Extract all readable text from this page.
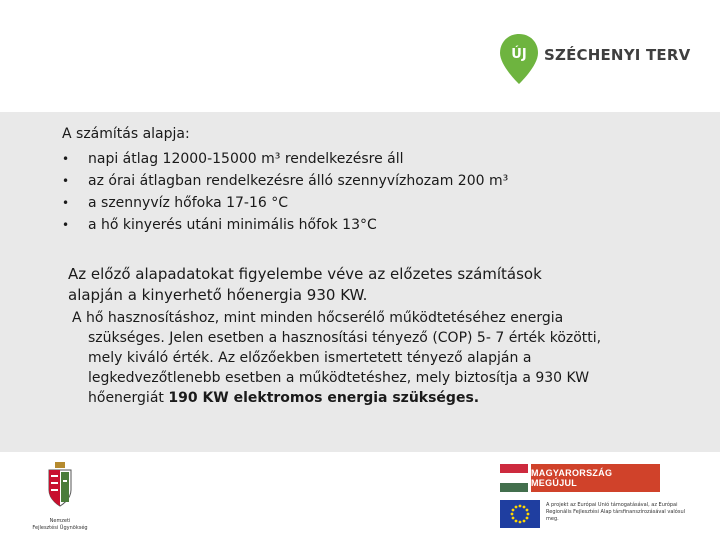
ÚJ SZÉCHENYI TERV

A számítás alapja:

• napi átlag 12000-15000 m³ rendelkezésre áll
• az órai átlagban rendelkezésre álló szennyvízhozam 200 m³
• a szennyvíz hőfoka 17-16 °C
• a hő kinyerés utáni minimális hőfok 13°C

Az előző alapadatokat figyelembe véve az előzetes számítások
alapján a kinyerhető hőenergia 930 KW.

A hő hasznosításhoz, mint minden hőcserélő működtetéséhez energia
szükséges. Jelen esetben a hasznosítási tényező (COP) 5- 7 érték közötti,
mely kiváló érték. Az előzőekben ismertetett tényező alapján a
legkedvezőtlenebb esetben a működtetéshez, mely biztosítja a 930 KW
hőenergiát 190 KW elektromos energia szükséges.

Nemzeti
Fejlesztési Ügynökség
MAGYARORSZÁG MEGÚJUL
A projekt az Európai Unió támogatásával, az Európai Regionális Fejlesztési Alap társfinanszírozásával valósul meg.
